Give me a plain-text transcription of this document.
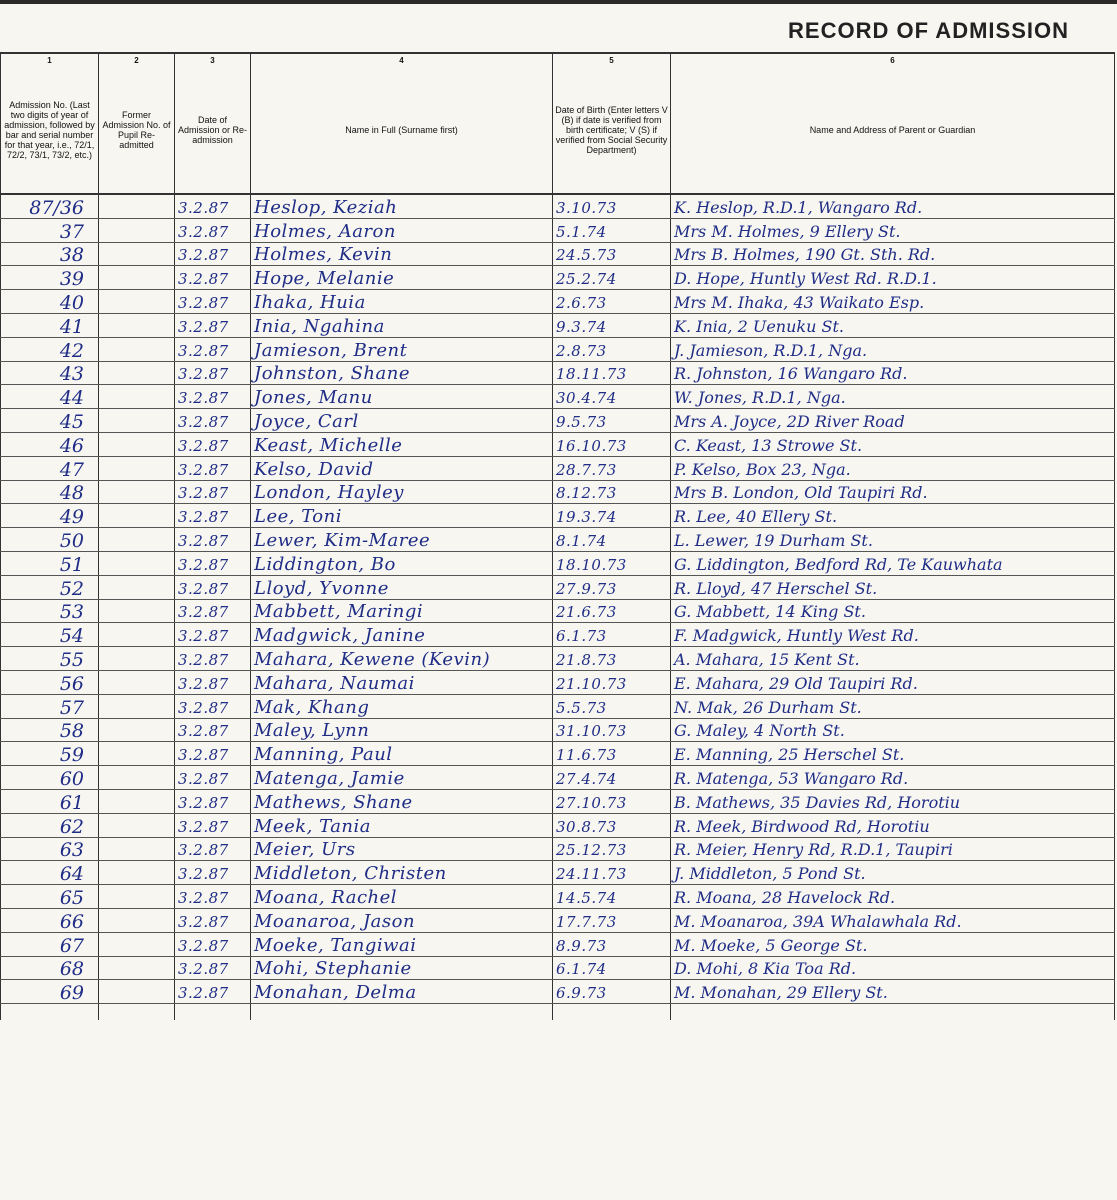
RECORD OF ADMISSION
1	2	3	4	5	6
Admission No. (Last two digits of year of admission, followed by bar and serial number for that year, i.e., 72/1, 72/2, 73/1, 73/2, etc.)	Former Admission No. of Pupil Re-admitted	Date of Admission or Re-admission	Name in Full (Surname first)	Date of Birth (Enter letters V (B) if date is verified from birth certificate; V (S) if verified from Social Security Department)	Name and Address of Parent or Guardian
87/36		3.2.87	Heslop, Keziah	3.10.73	K. Heslop, R.D.1, Wangaro Rd.
37		3.2.87	Holmes, Aaron	5.1.74	Mrs M. Holmes, 9 Ellery St.
38		3.2.87	Holmes, Kevin	24.5.73	Mrs B. Holmes, 190 Gt. Sth. Rd.
39		3.2.87	Hope, Melanie	25.2.74	D. Hope, Huntly West Rd. R.D.1.
40		3.2.87	Ihaka, Huia	2.6.73	Mrs M. Ihaka, 43 Waikato Esp.
41		3.2.87	Inia, Ngahina	9.3.74	K. Inia, 2 Uenuku St.
42		3.2.87	Jamieson, Brent	2.8.73	J. Jamieson, R.D.1, Nga.
43		3.2.87	Johnston, Shane	18.11.73	R. Johnston, 16 Wangaro Rd.
44		3.2.87	Jones, Manu	30.4.74	W. Jones, R.D.1, Nga.
45		3.2.87	Joyce, Carl	9.5.73	Mrs A. Joyce, 2D River Road
46		3.2.87	Keast, Michelle	16.10.73	C. Keast, 13 Strowe St.
47		3.2.87	Kelso, David	28.7.73	P. Kelso, Box 23, Nga.
48		3.2.87	London, Hayley	8.12.73	Mrs B. London, Old Taupiri Rd.
49		3.2.87	Lee, Toni	19.3.74	R. Lee, 40 Ellery St.
50		3.2.87	Lewer, Kim-Maree	8.1.74	L. Lewer, 19 Durham St.
51		3.2.87	Liddington, Bo	18.10.73	G. Liddington, Bedford Rd, Te Kauwhata
52		3.2.87	Lloyd, Yvonne	27.9.73	R. Lloyd, 47 Herschel St.
53		3.2.87	Mabbett, Maringi	21.6.73	G. Mabbett, 14 King St.
54		3.2.87	Madgwick, Janine	6.1.73	F. Madgwick, Huntly West Rd.
55		3.2.87	Mahara, Kewene (Kevin)	21.8.73	A. Mahara, 15 Kent St.
56		3.2.87	Mahara, Naumai	21.10.73	E. Mahara, 29 Old Taupiri Rd.
57		3.2.87	Mak, Khang	5.5.73	N. Mak, 26 Durham St.
58		3.2.87	Maley, Lynn	31.10.73	G. Maley, 4 North St.
59		3.2.87	Manning, Paul	11.6.73	E. Manning, 25 Herschel St.
60		3.2.87	Matenga, Jamie	27.4.74	R. Matenga, 53 Wangaro Rd.
61		3.2.87	Mathews, Shane	27.10.73	B. Mathews, 35 Davies Rd, Horotiu
62		3.2.87	Meek, Tania	30.8.73	R. Meek, Birdwood Rd, Horotiu
63		3.2.87	Meier, Urs	25.12.73	R. Meier, Henry Rd, R.D.1, Taupiri
64		3.2.87	Middleton, Christen	24.11.73	J. Middleton, 5 Pond St.
65		3.2.87	Moana, Rachel	14.5.74	R. Moana, 28 Havelock Rd.
66		3.2.87	Moanaroa, Jason	17.7.73	M. Moanaroa, 39A Whalawhala Rd.
67		3.2.87	Moeke, Tangiwai	8.9.73	M. Moeke, 5 George St.
68		3.2.87	Mohi, Stephanie	6.1.74	D. Mohi, 8 Kia Toa Rd.
69		3.2.87	Monahan, Delma	6.9.73	M. Monahan, 29 Ellery St.
